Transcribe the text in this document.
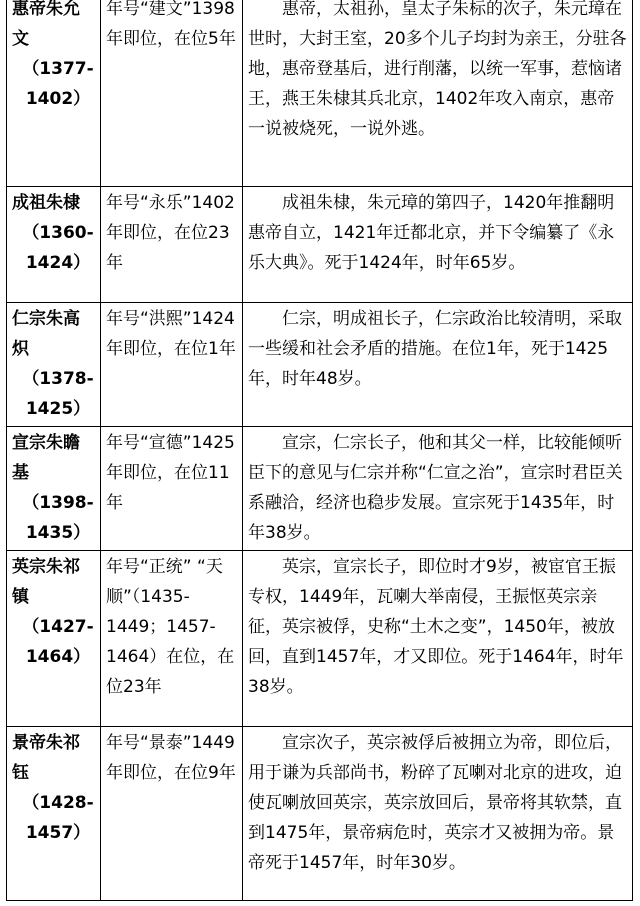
惠帝朱允文
（1377-1402）	年号“建文”1398年即位，在位5年	惠帝，太祖孙，皇太子朱标的次子，朱元璋在世时，大封王室，20多个儿子均封为亲王，分驻各地，惠帝登基后，进行削藩，以统一军事，惹恼诸王，燕王朱棣其兵北京，1402年攻入南京，惠帝一说被烧死，一说外逃。
成祖朱棣
（1360-1424）	年号“永乐”1402年即位，在位23年	成祖朱棣，朱元璋的第四子，1420年推翻明惠帝自立，1421年迁都北京，并下令编纂了《永乐大典》。死于1424年，时年65岁。
仁宗朱高炽
（1378-1425）	年号“洪熙”1424年即位，在位1年	仁宗，明成祖长子，仁宗政治比较清明，采取一些缓和社会矛盾的措施。在位1年，死于1425年，时年48岁。
宣宗朱瞻基
（1398-1435）	年号“宣德”1425年即位，在位11年	宣宗，仁宗长子，他和其父一样，比较能倾听臣下的意见与仁宗并称“仁宣之治”，宣宗时君臣关系融洽，经济也稳步发展。宣宗死于1435年，时年38岁。
英宗朱祁镇
（1427-1464）	年号“正统” “天顺”（1435-1449；1457-1464）在位，在位23年	英宗，宣宗长子，即位时才9岁，被宦官王振专权，1449年，瓦喇大举南侵，王振怄英宗亲征，英宗被俘，史称“土木之变”，1450年，被放回，直到1457年，才又即位。死于1464年，时年38岁。
景帝朱祁钰
（1428-1457）	年号“景泰”1449年即位，在位9年	宣宗次子，英宗被俘后被拥立为帝，即位后，用于谦为兵部尚书，粉碎了瓦喇对北京的进攻，迫使瓦喇放回英宗，英宗放回后，景帝将其软禁，直到1475年，景帝病危时，英宗才又被拥为帝。景帝死于1457年，时年30岁。
